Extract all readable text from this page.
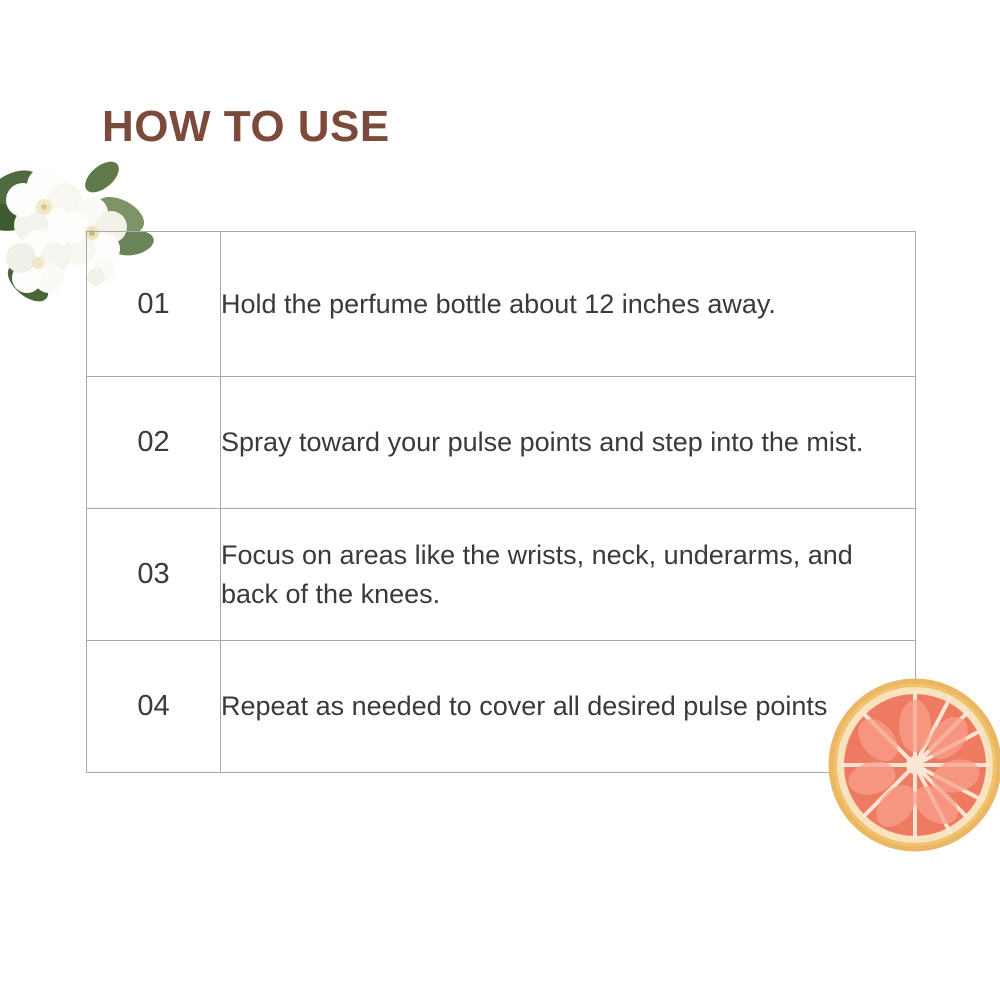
HOW TO USE
01	Hold the perfume bottle about 12 inches away.

02	Spray toward your pulse points and step into the mist.

03	Focus on areas like the wrists, neck, underarms, and back of the knees.

04	Repeat as needed to cover all desired pulse points
